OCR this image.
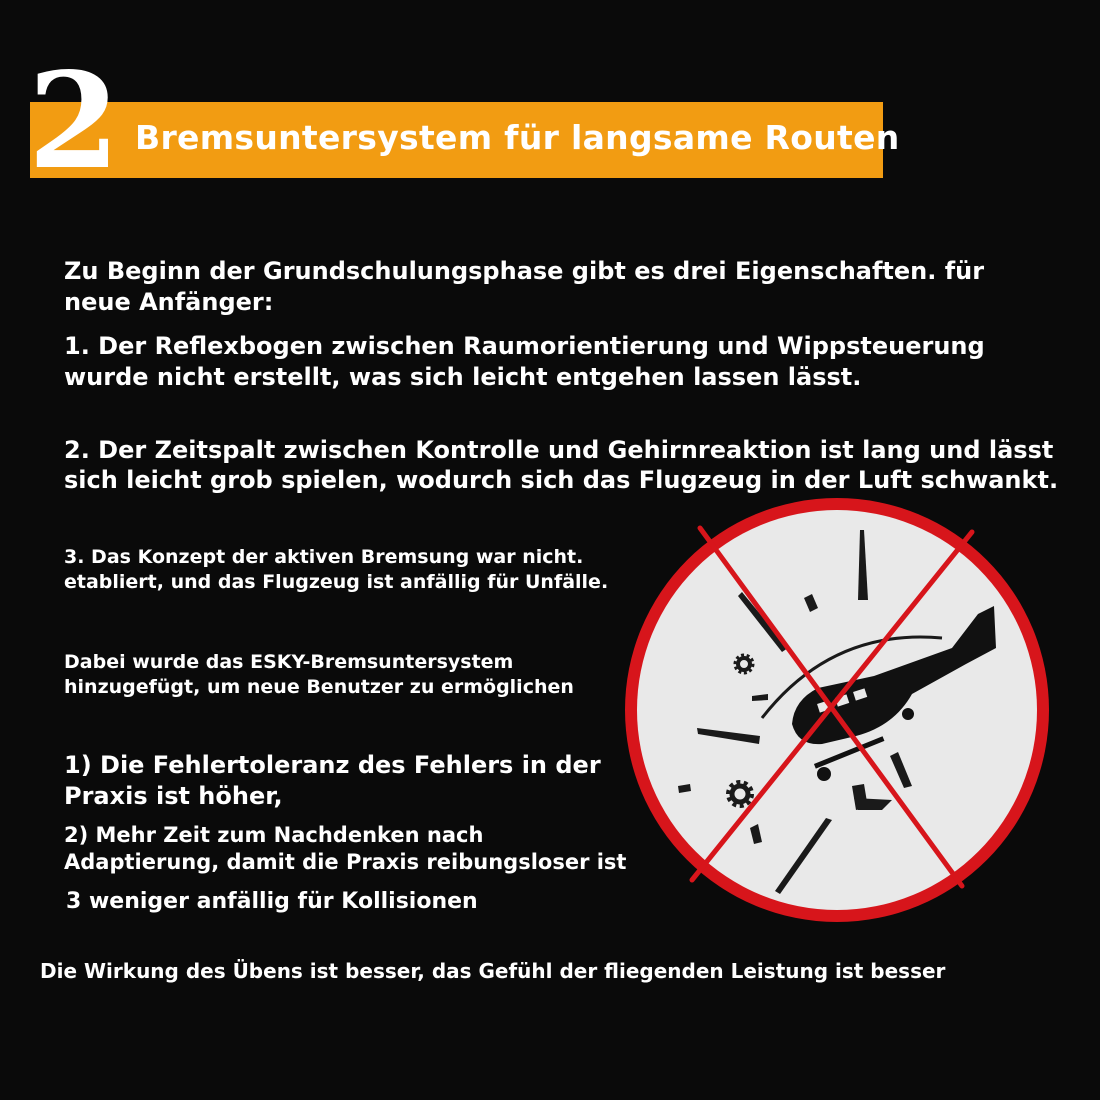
2 Bremsuntersystem für langsame Routen
Zu Beginn der Grundschulungsphase gibt es drei Eigenschaften. für
neue Anfänger:
1. Der Reflexbogen zwischen Raumorientierung und Wippsteuerung
wurde nicht erstellt, was sich leicht entgehen lassen lässt.
2. Der Zeitspalt zwischen Kontrolle und Gehirnreaktion ist lang und lässt
sich leicht grob spielen, wodurch sich das Flugzeug in der Luft schwankt.
3. Das Konzept der aktiven Bremsung war nicht.
etabliert, und das Flugzeug ist anfällig für Unfälle.
Dabei wurde das ESKY-Bremsuntersystem
hinzugefügt, um neue Benutzer zu ermöglichen
1) Die Fehlertoleranz des Fehlers in der
Praxis ist höher,
2) Mehr Zeit zum Nachdenken nach
Adaptierung, damit die Praxis reibungsloser ist
3 weniger anfällig für Kollisionen
Die Wirkung des Übens ist besser, das Gefühl der fliegenden Leistung ist besser
